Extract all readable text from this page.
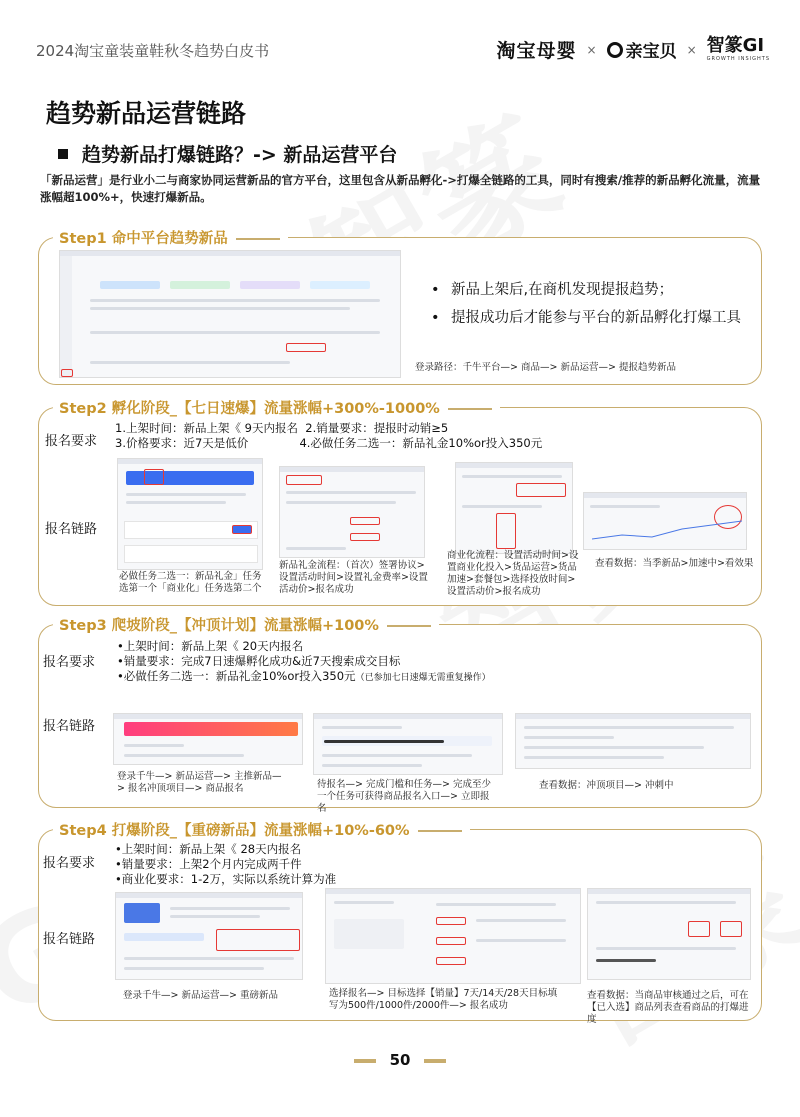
2024淘宝童装童鞋秋冬趋势白皮书	淘宝母婴 × 亲宝贝 × 智篆GI
GROWTH INSIGHTS
趋势新品运营链路
趋势新品打爆链路？-> 新品运营平台

「新品运营」是行业小二与商家协同运营新品的官方平台，这里包含从新品孵化->打爆全链路的工具，同时有搜索/推荐的新品孵化流量，流量涨幅超100%+，快速打爆新品。

Step1 命中平台趋势新品
• 新品上架后,在商机发现提报趋势；
• 提报成功后才能参与平台的新品孵化打爆工具
登录路径：千牛平台—> 商品—> 新品运营—> 提报趋势新品
Step2 孵化阶段_【七日速爆】流量涨幅+300%-1000%
报名要求
1.上架时间：新品上架《 9天内报名  2.销量要求：提报时动销≥5
3.价格要求：近7天是低价              4.必做任务二选一：新品礼金10%or投入350元
报名链路
必做任务二选一：新品礼金」任务选第一个「商业化」任务选第二个
新品礼金流程：（首次）签署协议>设置活动时间>设置礼金费率>设置活动价>报名成功
商业化流程：设置活动时间>设置商业化投入>货品运营>货品加速>套餐包>选择投放时间>设置活动价>报名成功
查看数据：当季新品>加速中>看效果
Step3 爬坡阶段_【冲顶计划】流量涨幅+100%
报名要求
•上架时间：新品上架《 20天内报名
•销量要求：完成7日速爆孵化成功&近7天搜索成交目标
•必做任务二选一：新品礼金10%or投入350元（已参加七日速爆无需重复操作）
报名链路
登录千牛—> 新品运营—> 主推新品—> 报名冲顶项目—> 商品报名	待报名—> 完成门槛和任务—> 完成至少一个任务可获得商品报名入口—> 立即报名
查看数据：冲顶项目—> 冲刺中
Step4 打爆阶段_【重磅新品】流量涨幅+10%-60%
报名要求
•上架时间：新品上架《 28天内报名
•销量要求：上架2个月内完成两千件
•商业化要求：1-2万，实际以系统计算为准
报名链路
登录千牛—> 新品运营—> 重磅新品	选择报名—> 目标选择【销量】7天/14天/28天目标填写为500件/1000件/2000件—> 报名成功
查看数据：当商品审核通过之后，可在【已入选】商品列表查看商品的打爆进度
50
